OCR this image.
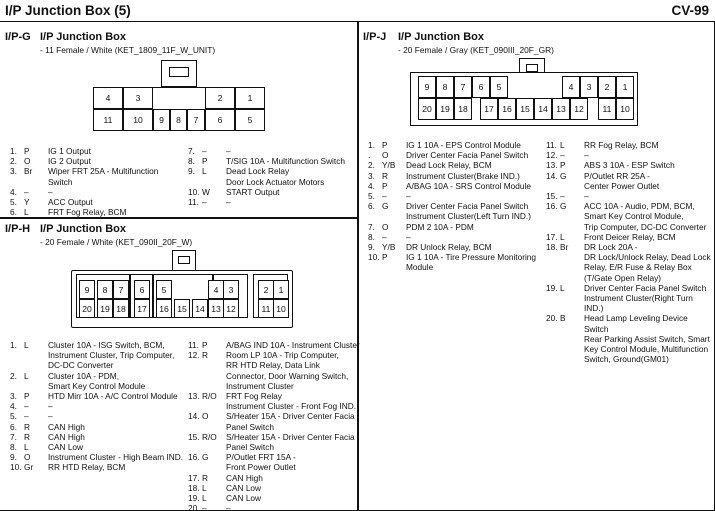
I/P Junction Box (5)	CV-99
I/P-G I/P Junction Box
- 11 Female / White (KET_1809_11F_W_UNIT)
4	3	2	1
11	10	9	8	7	6	5
1. P	IG 1 Output
2. O	IG 2 Output
3. Br	Wiper FRT 25A - Multifunction Switch
4. –	–
5. Y	ACC Output
6. L	FRT Fog Relay, BCM
7. –	–
8. P	T/SIG 10A - Multifunction Switch
9. L	Dead Lock Relay
Door Lock Actuator Motors
10. W	START Output
11. –	–
I/P-H I/P Junction Box
- 20 Female / White (KET_090II_20F_W)
9	8	7	6	5	4	3	2	1
20 19 18	17	16 15 14 13 12	11 10
1. L	Cluster 10A - ISG Switch, BCM,
Instrument Cluster, Trip Computer,
DC-DC Converter
2. L	Cluster 10A - PDM,
Smart Key Control Module
3. P	HTD Mirr 10A - A/C Control Module
4. –	–
5. –	–
6. R	CAN High
7. R	CAN High
8. L	CAN Low
9. O	Instrument Cluster - High Beam IND.
10. Gr	RR HTD Relay, BCM
11. P	A/BAG IND 10A - Instrument Cluster
12. R	Room LP 10A - Trip Computer,
RR HTD Relay, Data Link
Connector, Door Warning Switch,
Instrument Cluster
13. R/O	FRT Fog Relay
Instrument Cluster - Front Fog IND.
14. O	S/Heater 15A - Driver Center Facia
Panel Switch
15. R/O	S/Heater 15A - Driver Center Facia
Panel Switch
16. G	P/Outlet FRT 15A -
Front Power Outlet
17. R	CAN High
18. L	CAN Low
19. L	CAN Low
20. –	–
I/P-J I/P Junction Box
- 20 Female / Gray (KET_090III_20F_GR)
9	8	7	6	5	4	3	2	1
20 19 18	17 16 15 14 13 12	11	10
1. P	IG 1 10A - EPS Control Module
.	O	Driver Center Facia Panel Switch
2. Y/B	Dead Lock Relay, BCM
3. R	Instrument Cluster(Brake IND.)
4. P	A/BAG 10A - SRS Control Module
5. –	–
6. G	Driver Center Facia Panel Switch
Instrument Cluster(Left Turn IND.)
7. O	PDM 2 10A - PDM
8. –	–
9. Y/B	DR Unlock Relay, BCM
10. P	IG 1 10A - Tire Pressure Monitoring
Module
11. L	RR Fog Relay, BCM
12. –	–
13. P	ABS 3 10A - ESP Switch
14. G	P/Outlet RR 25A -
Center Power Outlet
15. –	–
16. G	ACC 10A - Audio, PDM, BCM,
Smart Key Control Module,
Trip Computer, DC-DC Converter
17. L	Front Deicer Relay, BCM
18. Br	DR Lock 20A -
DR Lock/Unlock Relay, Dead Lock
Relay, E/R Fuse & Relay Box
(T/Gate Open Relay)
19. L	Driver Center Facia Panel Switch
Instrument Cluster(Right Turn IND.)
20. B	Head Lamp Leveling Device Switch
Rear Parking Assist Switch, Smart
Key Control Module, Multifunction
Switch, Ground(GM01)
